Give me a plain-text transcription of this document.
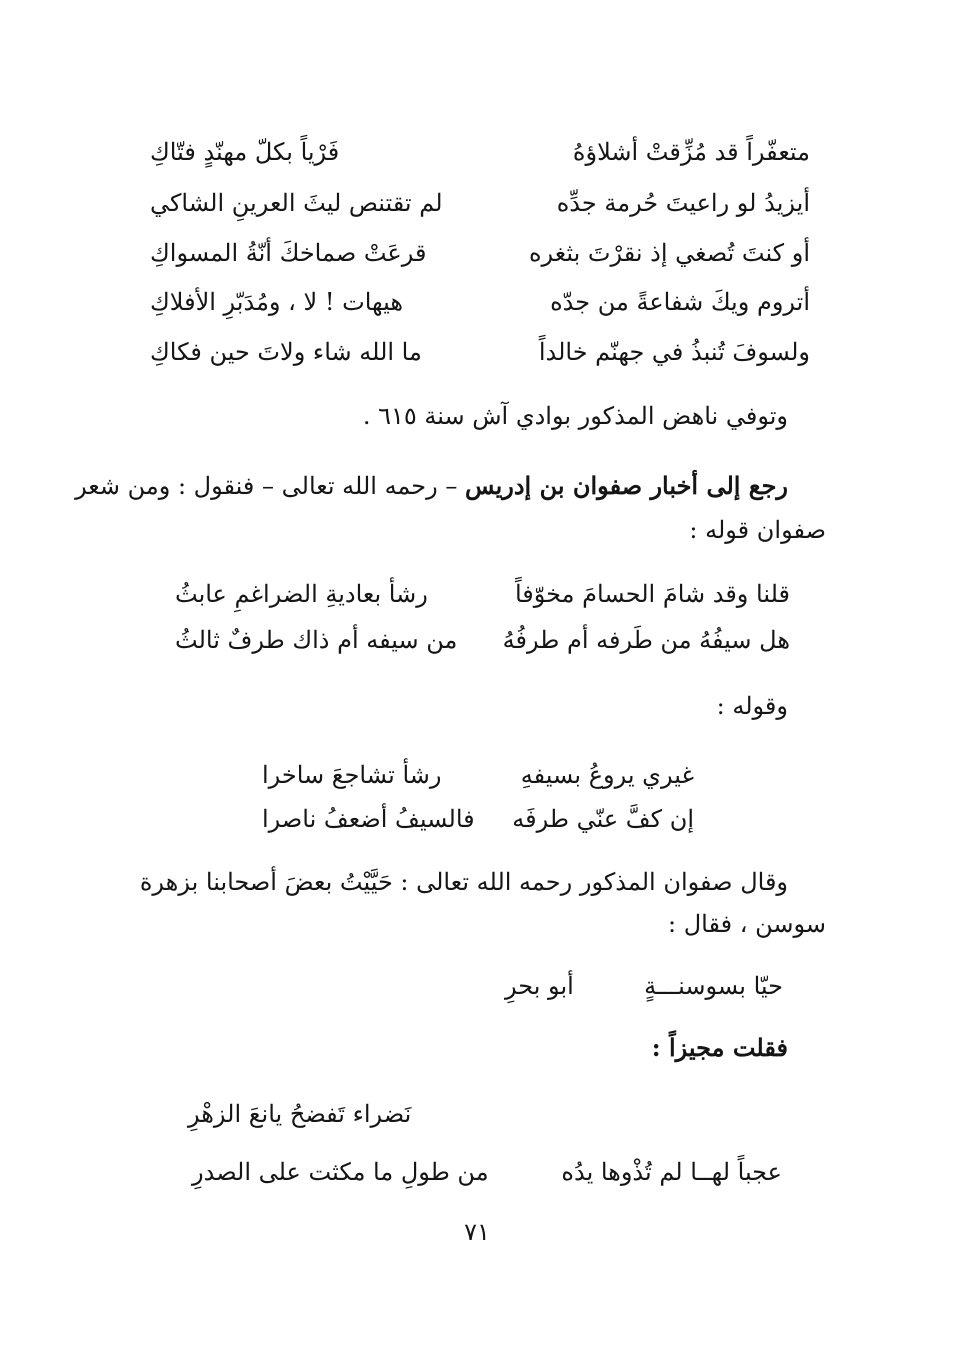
متعفّراً قد مُزِّقتْ أشلاؤهُ
فَرْياً بكلّ مهنّدٍ فتّاكِ
أيزيدُ لو راعيتَ حُرمة جدِّه
لم تقتنص ليثَ العرينِ الشاكي
أو كنتَ تُصغي إذ نقرْتَ بثغره
قرعَتْ صماخكَ أنّةُ المسواكِ
أتروم ويكَ شفاعةً من جدّه
هيهات ! لا ، ومُدَبّرِ الأفلاكِ
ولسوفَ تُنبذُ في جهنّم خالداً
ما الله شاء ولاتَ حين فكاكِ
وتوفي ناهض المذكور بوادي آش سنة ٦١٥ .
رجع إلى أخبار صفوان بن إدريس – رحمه الله تعالى – فنقول : ومن شعر
صفوان قوله :
قلنا وقد شامَ الحسامَ مخوّفاً
رشأ بعاديةِ الضراغمِ عابثُ
هل سيفُهُ من طَرفه أم طرفُهُ
من سيفه أم ذاك طرفٌ ثالثُ
وقوله :
غيري يروعُ بسيفهِ
رشأ تشاجعَ ساخرا
إن كفَّ عنّي طرفَه
فالسيفُ أضعفُ ناصرا
وقال صفوان المذكور رحمه الله تعالى : حَيَّيْتُ بعضَ أصحابنا بزهرة
سوسن ، فقال :
حيّا بسوسنـــةٍ
أبو بحرِ
فقلت مجيزاً :
نَضراء تَفضحُ يانعَ الزهْرِ
عجباً لهــا لم تُذْوها يدُه
من طولِ ما مكثت على الصدرِ
٧١
